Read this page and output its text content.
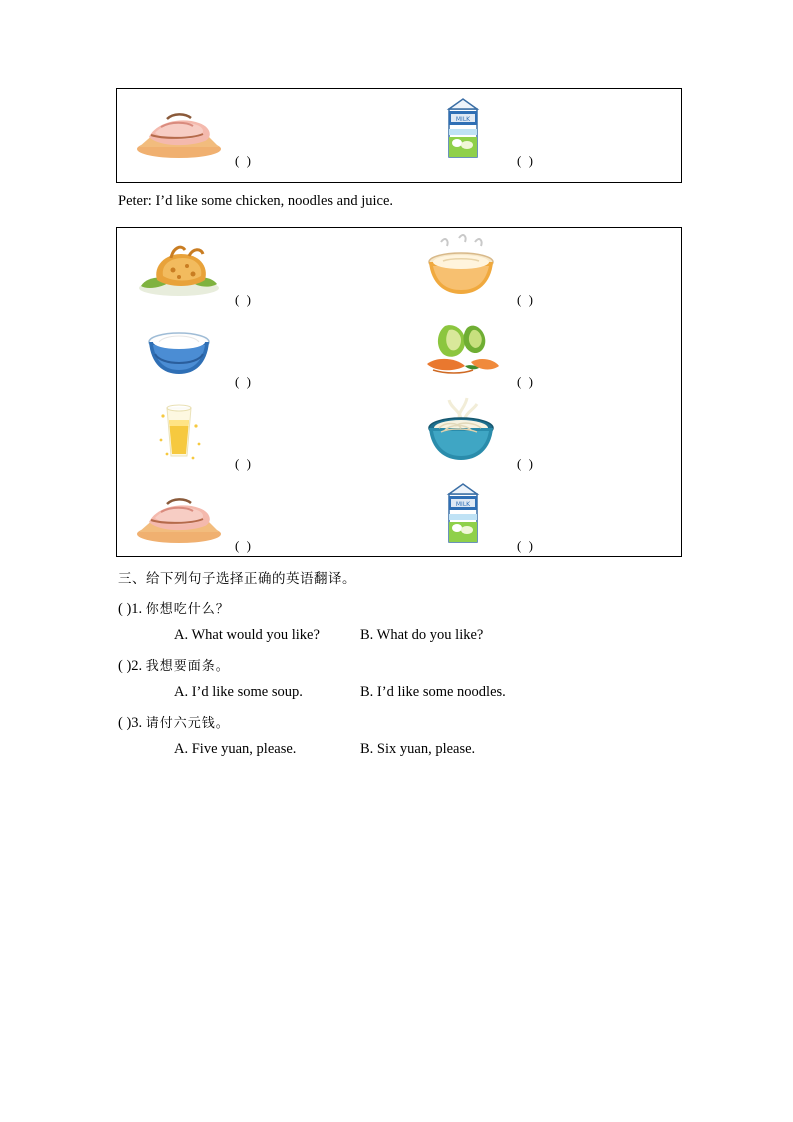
( )
MILK
( )
Peter: I’d like some chicken, noodles and juice.
( )	( )
( )	( )
( )	( )
( )
MILK
( )
三、给下列句子选择正确的英语翻译。
( )1. 你想吃什么？
A. What would you like?	B. What do you like?
( )2. 我想要面条。
A. I’d like some soup.	B. I’d like some noodles.
( )3. 请付六元钱。
A. Five yuan, please.	B. Six yuan, please.
